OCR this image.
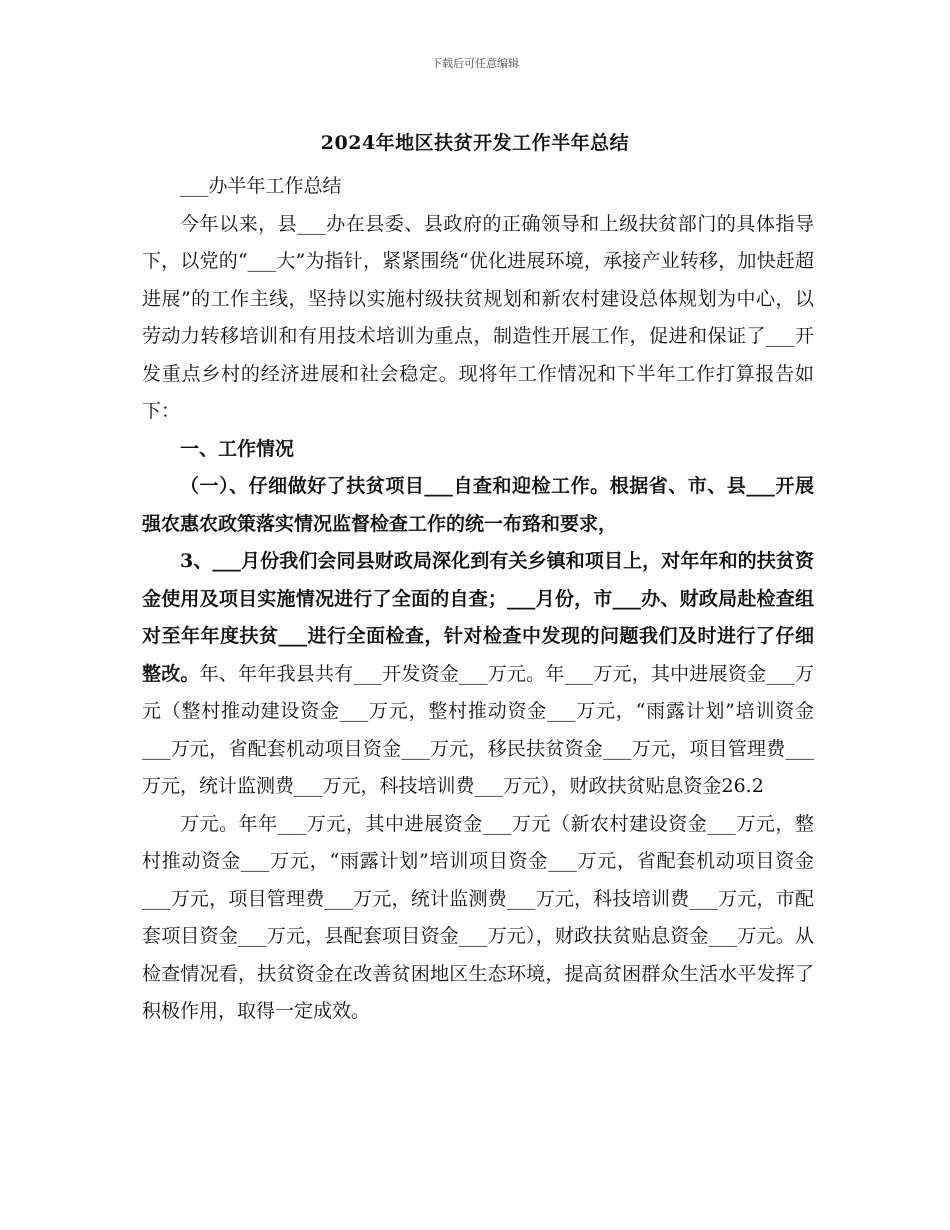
下载后可任意编辑
2024年地区扶贫开发工作半年总结

___办半年工作总结

今年以来，县___办在县委、县政府的正确领导和上级扶贫部门的具体指导下，以党的“___大”为指针，紧紧围绕“优化进展环境，承接产业转移，加快赶超进展”的工作主线，坚持以实施村级扶贫规划和新农村建设总体规划为中心，以劳动力转移培训和有用技术培训为重点，制造性开展工作，促进和保证了___开发重点乡村的经济进展和社会稳定。现将年工作情况和下半年工作打算报告如下：

一、工作情况

（一）、仔细做好了扶贫项目___自查和迎检工作。根据省、市、县___开展强农惠农政策落实情况监督检查工作的统一布臵和要求，

3、___月份我们会同县财政局深化到有关乡镇和项目上，对年年和的扶贫资金使用及项目实施情况进行了全面的自查；___月份，市___办、财政局赴检查组对至年年度扶贫___进行全面检查，针对检查中发现的问题我们及时进行了仔细整改。年、年年我县共有___开发资金___万元。年___万元，其中进展资金___万元（整村推动建设资金___万元，整村推动资金___万元，“雨露计划”培训资金___万元，省配套机动项目资金___万元，移民扶贫资金___万元，项目管理费___万元，统计监测费___万元，科技培训费___万元），财政扶贫贴息资金26.2

万元。年年___万元，其中进展资金___万元（新农村建设资金___万元，整村推动资金___万元，“雨露计划”培训项目资金___万元，省配套机动项目资金___万元，项目管理费___万元，统计监测费___万元，科技培训费___万元，市配套项目资金___万元，县配套项目资金___万元），财政扶贫贴息资金___万元。从检查情况看，扶贫资金在改善贫困地区生态环境，提高贫困群众生活水平发挥了积极作用，取得一定成效。
